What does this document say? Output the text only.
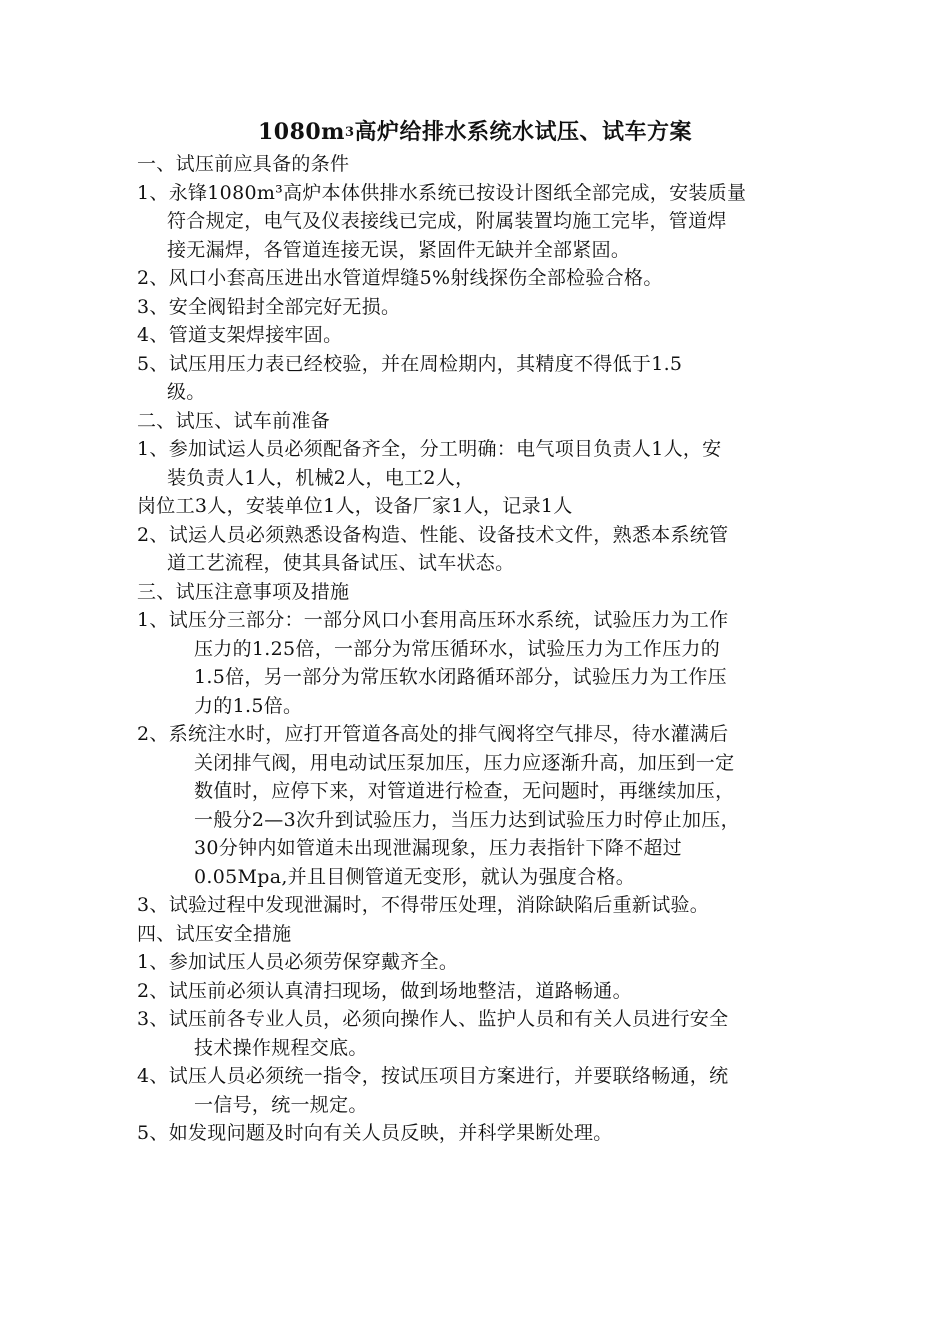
$1080m^3$高炉给排水系统水试压、试车方案
一、试压前应具备的条件
1、永锋1080m³高炉本体供排水系统已按设计图纸全部完成，安装质量
符合规定，电气及仪表接线已完成，附属装置均施工完毕，管道焊
接无漏焊，各管道连接无误，紧固件无缺并全部紧固。
2、风口小套高压进出水管道焊缝5%射线探伤全部检验合格。
3、安全阀铅封全部完好无损。
4、管道支架焊接牢固。
5、试压用压力表已经校验，并在周检期内，其精度不得低于1.5
级。
二、试压、试车前准备
1、参加试运人员必须配备齐全，分工明确：电气项目负责人1人，安
装负责人1人，机械2人，电工2人，
岗位工3人，安装单位1人，设备厂家1人，记录1人
2、试运人员必须熟悉设备构造、性能、设备技术文件，熟悉本系统管
道工艺流程，使其具备试压、试车状态。
三、试压注意事项及措施
1、试压分三部分：一部分风口小套用高压环水系统，试验压力为工作
压力的1.25倍，一部分为常压循环水，试验压力为工作压力的
1.5倍，另一部分为常压软水闭路循环部分，试验压力为工作压
力的1.5倍。
2、系统注水时，应打开管道各高处的排气阀将空气排尽，待水灌满后
关闭排气阀，用电动试压泵加压，压力应逐渐升高，加压到一定
数值时，应停下来，对管道进行检查，无问题时，再继续加压，
一般分2—3次升到试验压力，当压力达到试验压力时停止加压，
30分钟内如管道未出现泄漏现象，压力表指针下降不超过
0.05Mpa,并且目侧管道无变形，就认为强度合格。
3、试验过程中发现泄漏时，不得带压处理，消除缺陷后重新试验。
四、试压安全措施
1、参加试压人员必须劳保穿戴齐全。
2、试压前必须认真清扫现场，做到场地整洁，道路畅通。
3、试压前各专业人员，必须向操作人、监护人员和有关人员进行安全
技术操作规程交底。
4、试压人员必须统一指令，按试压项目方案进行，并要联络畅通，统
一信号，统一规定。
5、如发现问题及时向有关人员反映，并科学果断处理。
